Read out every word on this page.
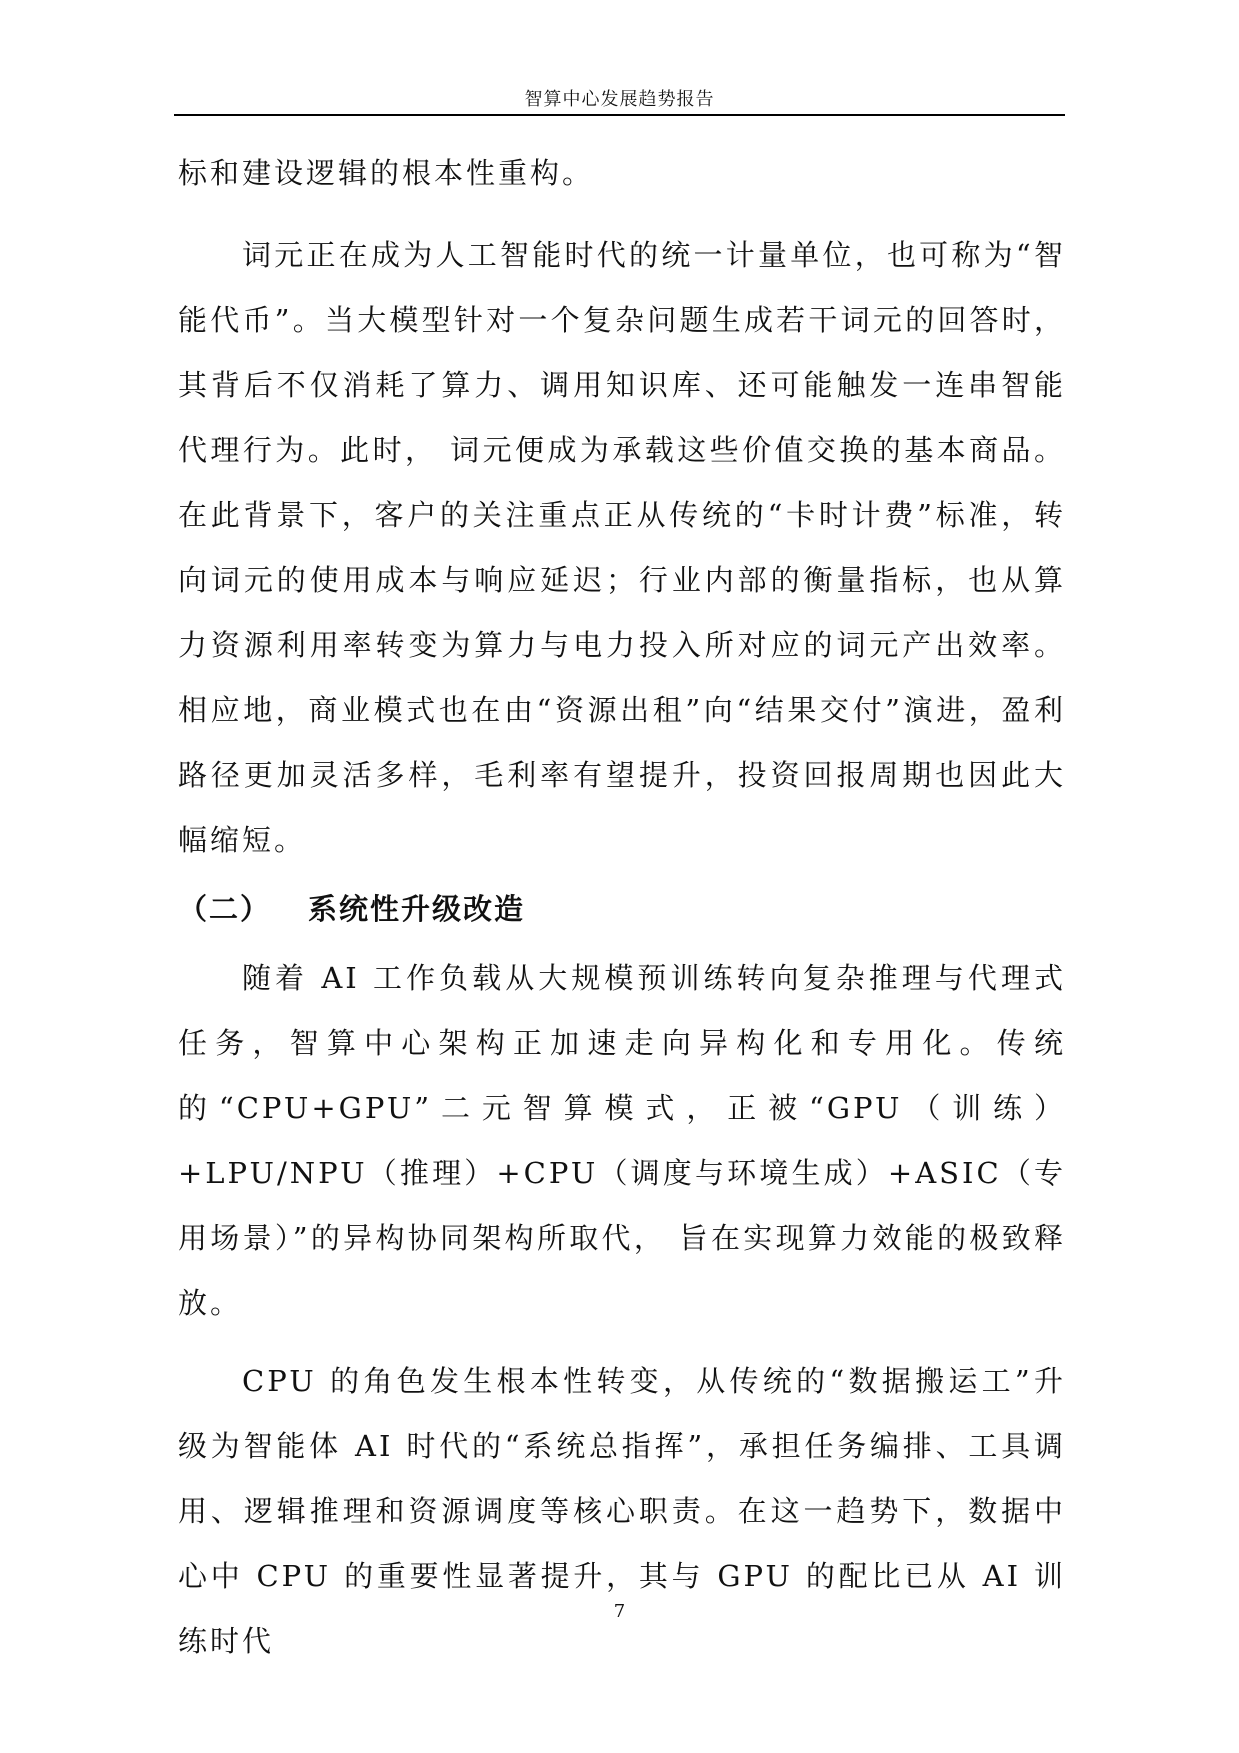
智算中心发展趋势报告

标和建设逻辑的根本性重构。

词元正在成为人工智能时代的统一计量单位，也可称为“智能代币”。当大模型针对一个复杂问题生成若干词元的回答时，其背后不仅消耗了算力、调用知识库、还可能触发一连串智能代理行为。此时， 词元便成为承载这些价值交换的基本商品。在此背景下，客户的关注重点正从传统的“卡时计费”标准，转向词元的使用成本与响应延迟；行业内部的衡量指标，也从算力资源利用率转变为算力与电力投入所对应的词元产出效率。相应地，商业模式也在由“资源出租”向“结果交付”演进，盈利路径更加灵活多样，毛利率有望提升，投资回报周期也因此大幅缩短。

（二）	系统性升级改造

随着 AI 工作负载从大规模预训练转向复杂推理与代理式任务，智算中心架构正加速走向异构化和专用化。传统的“CPU+GPU”二元智算模式，正被“GPU（训练）+LPU/NPU（推理）+CPU（调度与环境生成）+ASIC（专用场景）”的异构协同架构所取代， 旨在实现算力效能的极致释放。

CPU 的角色发生根本性转变，从传统的“数据搬运工”升级为智能体 AI 时代的“系统总指挥”，承担任务编排、工具调用、逻辑推理和资源调度等核心职责。在这一趋势下，数据中心中 CPU 的重要性显著提升，其与 GPU 的配比已从 AI 训练时代

7
